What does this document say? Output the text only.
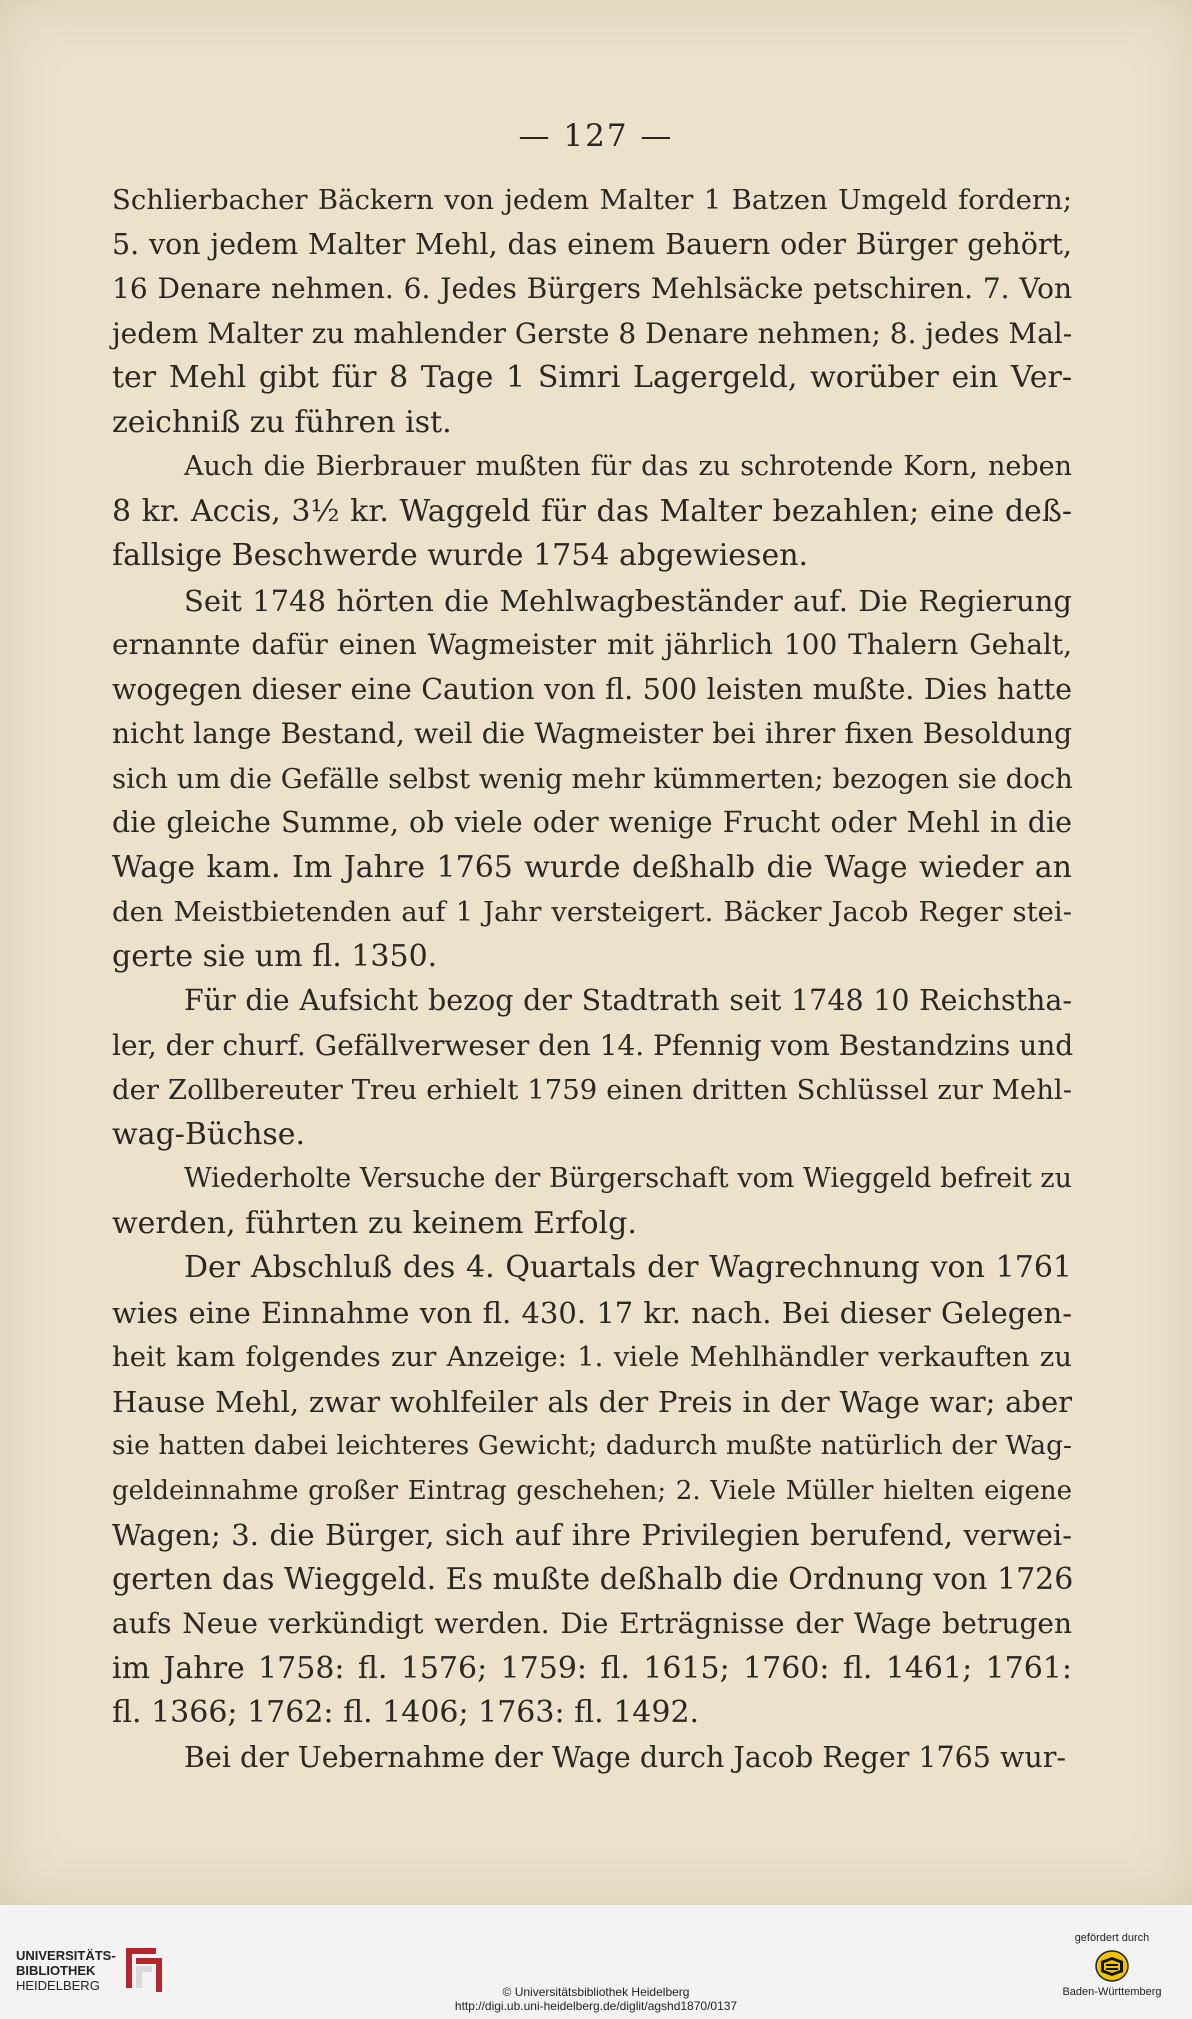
— 127 —

Schlierbacher Bäckern von jedem Malter 1 Batzen Umgeld fordern;
5. von jedem Malter Mehl, das einem Bauern oder Bürger gehört,
16 Denare nehmen. 6. Jedes Bürgers Mehlsäcke petschiren. 7. Von
jedem Malter zu mahlender Gerste 8 Denare nehmen; 8. jedes Mal-
ter Mehl gibt für 8 Tage 1 Simri Lagergeld, worüber ein Ver-
zeichniß zu führen ist.

Auch die Bierbrauer mußten für das zu schrotende Korn, neben
8 kr. Accis, 3½ kr. Waggeld für das Malter bezahlen; eine deß-
fallsige Beschwerde wurde 1754 abgewiesen.

Seit 1748 hörten die Mehlwagbeständer auf. Die Regierung
ernannte dafür einen Wagmeister mit jährlich 100 Thalern Gehalt,
wogegen dieser eine Caution von fl. 500 leisten mußte. Dies hatte
nicht lange Bestand, weil die Wagmeister bei ihrer fixen Besoldung
sich um die Gefälle selbst wenig mehr kümmerten; bezogen sie doch
die gleiche Summe, ob viele oder wenige Frucht oder Mehl in die
Wage kam. Im Jahre 1765 wurde deßhalb die Wage wieder an
den Meistbietenden auf 1 Jahr versteigert. Bäcker Jacob Reger stei-
gerte sie um fl. 1350.

Für die Aufsicht bezog der Stadtrath seit 1748 10 Reichstha-
ler, der churf. Gefällverweser den 14. Pfennig vom Bestandzins und
der Zollbereuter Treu erhielt 1759 einen dritten Schlüssel zur Mehl-
wag-Büchse.

Wiederholte Versuche der Bürgerschaft vom Wieggeld befreit zu
werden, führten zu keinem Erfolg.

Der Abschluß des 4. Quartals der Wagrechnung von 1761
wies eine Einnahme von fl. 430. 17 kr. nach. Bei dieser Gelegen-
heit kam folgendes zur Anzeige: 1. viele Mehlhändler verkauften zu
Hause Mehl, zwar wohlfeiler als der Preis in der Wage war; aber
sie hatten dabei leichteres Gewicht; dadurch mußte natürlich der Wag-
geldeinnahme großer Eintrag geschehen; 2. Viele Müller hielten eigene
Wagen; 3. die Bürger, sich auf ihre Privilegien berufend, verwei-
gerten das Wieggeld. Es mußte deßhalb die Ordnung von 1726
aufs Neue verkündigt werden. Die Erträgnisse der Wage betrugen
im Jahre 1758: fl. 1576; 1759: fl. 1615; 1760: fl. 1461; 1761:
fl. 1366; 1762: fl. 1406; 1763: fl. 1492.

Bei der Uebernahme der Wage durch Jacob Reger 1765 wur-

UNIVERSITÄTS-
BIBLIOTHEK
HEIDELBERG	© Universitätsbibliothek Heidelberg
http://digi.ub.uni-heidelberg.de/diglit/agshd1870/0137
gefördert durch
Baden-Württemberg
